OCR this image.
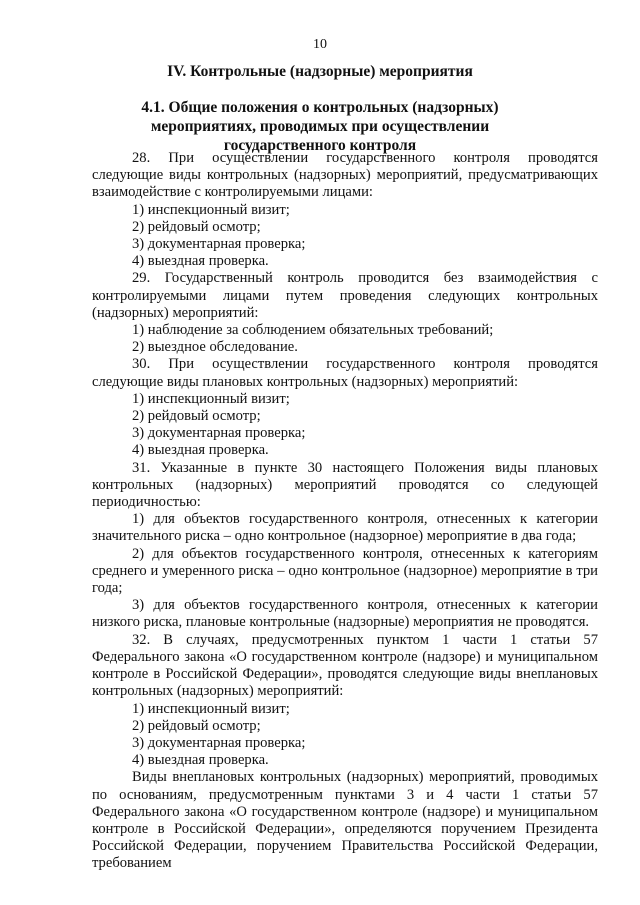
10
IV. Контрольные (надзорные) мероприятия
4.1. Общие положения о контрольных (надзорных) мероприятиях, проводимых при осуществлении государственного контроля

28. При осуществлении государственного контроля проводятся следующие виды контрольных (надзорных) мероприятий, предусматривающих взаимодействие с контролируемыми лицами:

1) инспекционный визит;

2) рейдовый осмотр;

3) документарная проверка;

4) выездная проверка.

29. Государственный контроль проводится без взаимодействия с контролируемыми лицами путем проведения следующих контрольных (надзорных) мероприятий:

1) наблюдение за соблюдением обязательных требований;

2) выездное обследование.

30. При осуществлении государственного контроля проводятся следующие виды плановых контрольных (надзорных) мероприятий:

1) инспекционный визит;

2) рейдовый осмотр;

3) документарная проверка;

4) выездная проверка.

31. Указанные в пункте 30 настоящего Положения виды плановых контрольных (надзорных) мероприятий проводятся со следующей периодичностью:

1) для объектов государственного контроля, отнесенных к категории значительного риска – одно контрольное (надзорное) мероприятие в два года;

2) для объектов государственного контроля, отнесенных к категориям среднего и умеренного риска – одно контрольное (надзорное) мероприятие в три года;

3) для объектов государственного контроля, отнесенных к категории низкого риска, плановые контрольные (надзорные) мероприятия не проводятся.

32. В случаях, предусмотренных пунктом 1 части 1 статьи 57 Федерального закона «О государственном контроле (надзоре) и муниципальном контроле в Российской Федерации», проводятся следующие виды внеплановых контрольных (надзорных) мероприятий:

1) инспекционный визит;

2) рейдовый осмотр;

3) документарная проверка;

4) выездная проверка.

Виды внеплановых контрольных (надзорных) мероприятий, проводимых по основаниям, предусмотренным пунктами 3 и 4 части 1 статьи 57 Федерального закона «О государственном контроле (надзоре) и муниципальном контроле в Российской Федерации», определяются поручением Президента Российской Федерации, поручением Правительства Российской Федерации, требованием
